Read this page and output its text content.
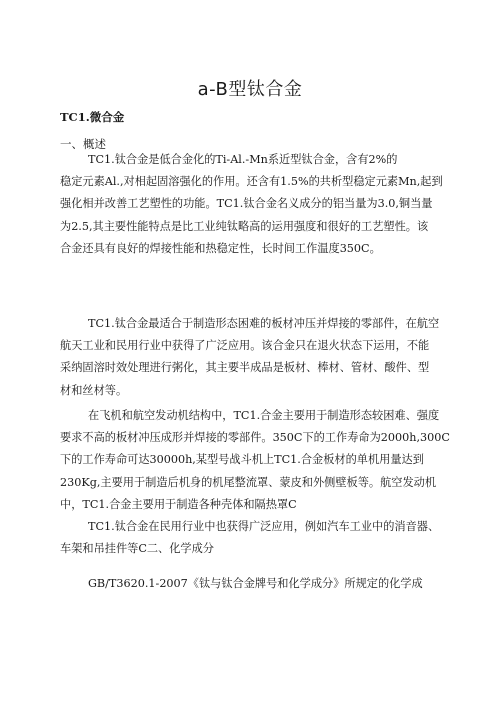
a-B型钛合金
TC1.微合金
一、概述
TC1.钛合金是低合金化的Ti-Al.-Mn系近型钛合金，含有2%的
稳定元素Al.,对相起固溶强化的作用。还含有1.5%的共析型稳定元素Mn,起到
强化相并改善工艺塑性的功能。TC1.钛合金名义成分的铝当量为3.0,铜当量
为2.5,其主要性能特点是比工业纯钛略高的运用强度和很好的工艺塑性。该
合金还具有良好的焊接性能和热稳定性，长时间工作温度350C。
TC1.钛合金最适合于制造形态困难的板材冲压并焊接的零部件，在航空
航天工业和民用行业中获得了广泛应用。该合金只在退火状态下运用，不能
采纳固溶时效处理进行粥化，其主要半成品是板材、棒材、管材、酸件、型
材和丝材等。
在飞机和航空发动机结构中，TC1.合金主要用于制造形态较困难、强度
要求不高的板材冲压成形并焊接的零部件。350C下的工作寿命为2000h,300C
下的工作寿命可达30000h,某型号战斗机上TC1.合金板材的单机用量达到
230Kg,主要用于制造后机身的机尾整流罩、蒙皮和外侧壁板等。航空发动机
中，TC1.合金主要用于制造各种壳体和隔热罩C
TC1.钛合金在民用行业中也获得广泛应用，例如汽车工业中的消音器、
车架和吊挂件等C二、化学成分
GB/T3620.1-2007《钛与钛合金牌号和化学成分》所规定的化学成
